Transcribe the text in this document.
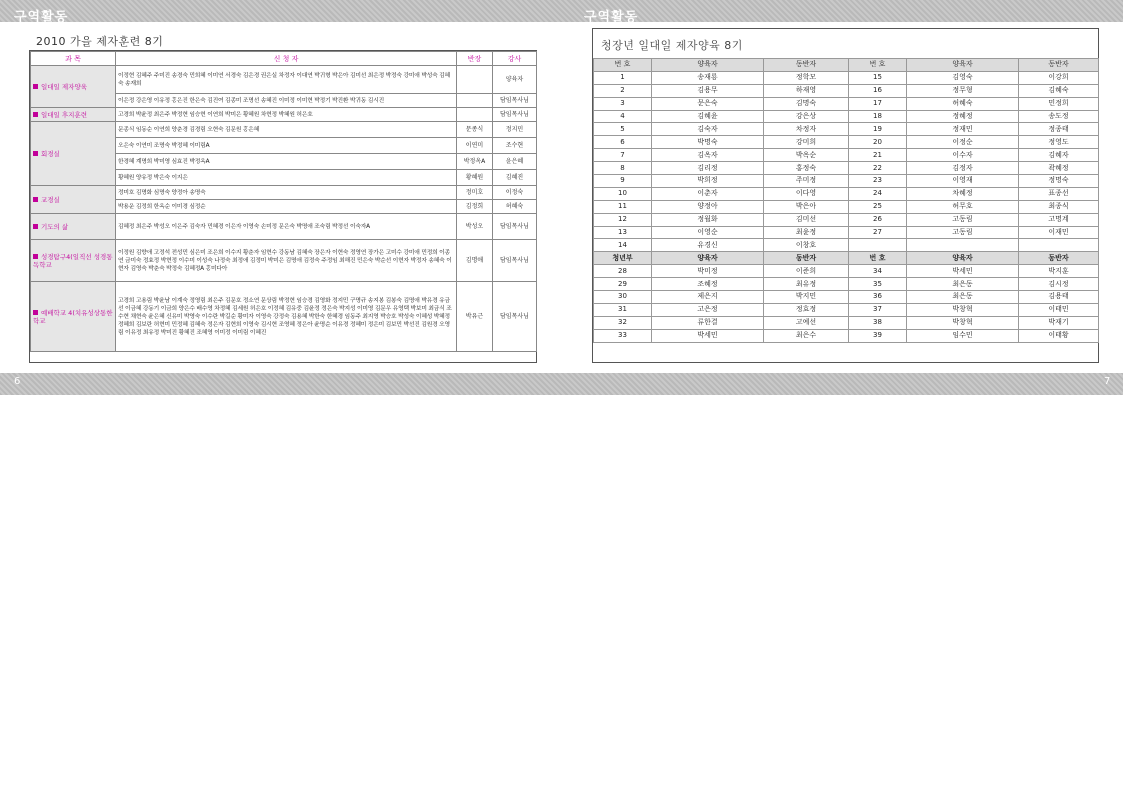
구역활동	구역활동
6	7
2010 가을 제자훈련 8기
과 목	신 청 자	반장	강사
일대일 제자양육	이정현 김혜주 주미진 송경숙 민희혜 이미연 서경숙 김은경 권은실 차정자 이대연 박귀형 박은아 김미선 최은정 박정숙 강미애 박성숙 김혜숙 송재희		양육자
	이은정 강은영 이유정 홍은진 한은숙 김진여 김종미 조명선 송혜진 이미정 이미현 박정기 박진환 박귀동 김시진		담임목사님
일대일 후지훈련	고경희 박윤정 최은주 박정현 임승현 이연희 박미은 황혜원 차현정 박혜원 허은호		담임목사님
회경실	문종식 임동순 이연희 양춘경 김경림 오현숙 김문원 홍은혜	문종식	정지민
	오은숙 이연미 조명숙 박정혜 이미림A	이연미	조수현
	한경혜 계명희 박미영 심효진 박정옥A	박정옥A	윤은혜
	황혜원 양유정 박은숙 이지은	황혜원	김혜진
교경실	정미호 김명화 심명숙 양정아 송명숙	정미호	이정숙
	박용운 김정희 한옥순 이미경 심정순	김정희	허혜숙
기도의 삶	김혜정 최은주 박성오 이은주 김숙자 민혜경 이은자 이영숙 손미정 문은숙 박명애 조숙림 박정선 이숙자A	박성오	담임목사님
성경탐구4(일직선 성경통독학교	이정원 김향애 고정석 전성민 심은미 조은희 이수지 황춘자 임현수 강동남 김혜숙 장은자 이현숙 정영연 장가은 고미수 강미애 민정희 이종연 금미숙 정효정 박현정 이수미 이성숙 나정숙 최정애 김정미 박미은 김명애 김정숙 주정임 최해진 민은숙 박순선 이현자 박정자 송혜숙 이현자 김영숙 박춘숙 박정숙 김혜정A 홍미다아	김명애	담임목사님
예배학교 4(치유성상통한학교	고경희 고용림 박윤남 이계숙 정영림 최은주 김문호 정소연 문상림 박정현 임승경 김영화 정지민 구명규 송지봉 김봉숙 김명애 박유경 유금선 이금혜 강동기 이금희 양은수 배수영 차정혜 김세원 허은호 이정혜 김유중 김윤정 정은숙 박지성 이미영 김문우 유영택 박보미 최금식 조수현 채현숙 윤은혜 신유미 박영숙 이수란 박길순 황미자 이영숙 강정숙 김용혜 박한숙 한혜경 임동주 최지영 박승호 박성숙 이혜성 박혜정 정혜희 김보란 허현미 민정혜 김혜숙 정은자 김현희 이영숙 김시현 조영혜 정은아 윤명순 이유경 정혜미 정은미 김보민 박선진 김원경 오영림 이유정 최유정 박미진 황혜진 조혜영 이미정 이미림 이혜진	박유근	담임목사님
청장년 일대일 제자양육 8기
번 호	양육자	동반자	번 호	양육자	동반자
1	송재룡	정학모	15	김영숙	이강희
2	김용무	하재영	16	정무형	김혜숙
3	문은숙	김명숙	17	허혜숙	민정희
4	김혜윤	강은상	18	정혜정	송도정
5	김숙자	차정자	19	정재민	정종태
6	박명숙	강미희	20	이정순	정영도
7	김옥자	박옥순	21	이수자	김혜자
8	김리정	홍정숙	22	김정자	곽혜정
9	박희정	주미정	23	이영재	정명숙
10	이춘자	이다영	24	차혜정	표종선
11	양정아	박은아	25	허무호	최종식
12	정월화	김미선	26	고동림	고명계
13	이영순	최윤정	27	고동림	이재민
14	유경신	이창호			
청년부	양육자	동반자	번 호	양육자	동반자
28	박미정	이준희	34	박세민	박지훈
29	조혜정	최유정	35	최은동	김시정
30	제은지	박지민	36	최은동	김용태
31	고은정	정효정	37	박창혁	이태민
32	류한결	고예선	38	박창혁	박재기
33	박세민	최은수	39	임수민	이태황
